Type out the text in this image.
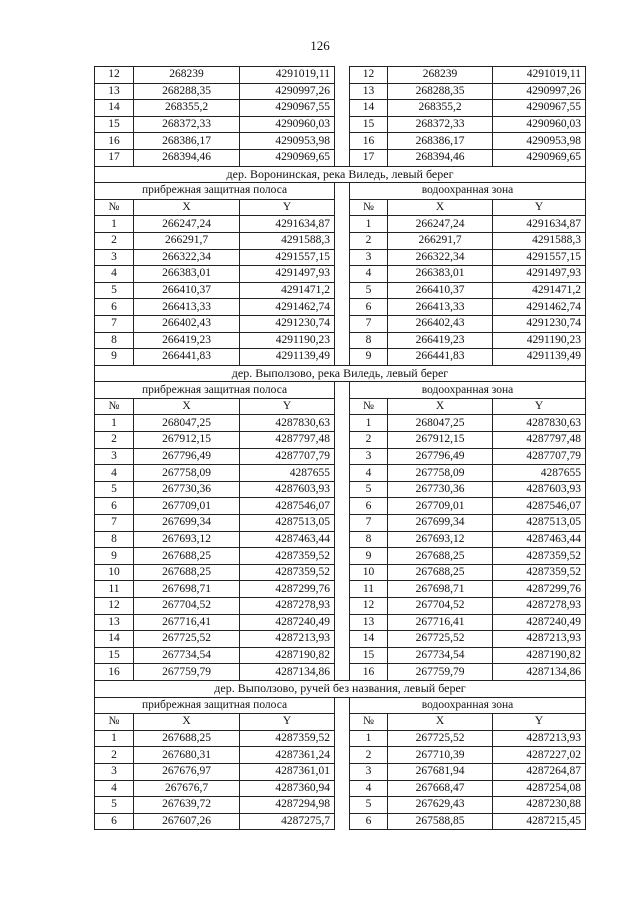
126
12	268239	4291019,11		12	268239	4291019,11
13	268288,35	4290997,26		13	268288,35	4290997,26
14	268355,2	4290967,55		14	268355,2	4290967,55
15	268372,33	4290960,03		15	268372,33	4290960,03
16	268386,17	4290953,98		16	268386,17	4290953,98
17	268394,46	4290969,65		17	268394,46	4290969,65
дер. Воронинская, река Виледь, левый берег						
прибрежная защитная полоса				водоохранная зона		
№	X	Y		№	X	Y
1	266247,24	4291634,87		1	266247,24	4291634,87
2	266291,7	4291588,3		2	266291,7	4291588,3
3	266322,34	4291557,15		3	266322,34	4291557,15
4	266383,01	4291497,93		4	266383,01	4291497,93
5	266410,37	4291471,2		5	266410,37	4291471,2
6	266413,33	4291462,74		6	266413,33	4291462,74
7	266402,43	4291230,74		7	266402,43	4291230,74
8	266419,23	4291190,23		8	266419,23	4291190,23
9	266441,83	4291139,49		9	266441,83	4291139,49
дер. Выползово, река Виледь, левый берег						
прибрежная защитная полоса				водоохранная зона		
№	X	Y		№	X	Y
1	268047,25	4287830,63		1	268047,25	4287830,63
2	267912,15	4287797,48		2	267912,15	4287797,48
3	267796,49	4287707,79		3	267796,49	4287707,79
4	267758,09	4287655		4	267758,09	4287655
5	267730,36	4287603,93		5	267730,36	4287603,93
6	267709,01	4287546,07		6	267709,01	4287546,07
7	267699,34	4287513,05		7	267699,34	4287513,05
8	267693,12	4287463,44		8	267693,12	4287463,44
9	267688,25	4287359,52		9	267688,25	4287359,52
10	267688,25	4287359,52		10	267688,25	4287359,52
11	267698,71	4287299,76		11	267698,71	4287299,76
12	267704,52	4287278,93		12	267704,52	4287278,93
13	267716,41	4287240,49		13	267716,41	4287240,49
14	267725,52	4287213,93		14	267725,52	4287213,93
15	267734,54	4287190,82		15	267734,54	4287190,82
16	267759,79	4287134,86		16	267759,79	4287134,86
дер. Выползово, ручей без названия, левый берег						
прибрежная защитная полоса				водоохранная зона		
№	X	Y		№	X	Y
1	267688,25	4287359,52		1	267725,52	4287213,93
2	267680,31	4287361,24		2	267710,39	4287227,02
3	267676,97	4287361,01		3	267681,94	4287264,87
4	267676,7	4287360,94		4	267668,47	4287254,08
5	267639,72	4287294,98		5	267629,43	4287230,88
6	267607,26	4287275,7		6	267588,85	4287215,45
